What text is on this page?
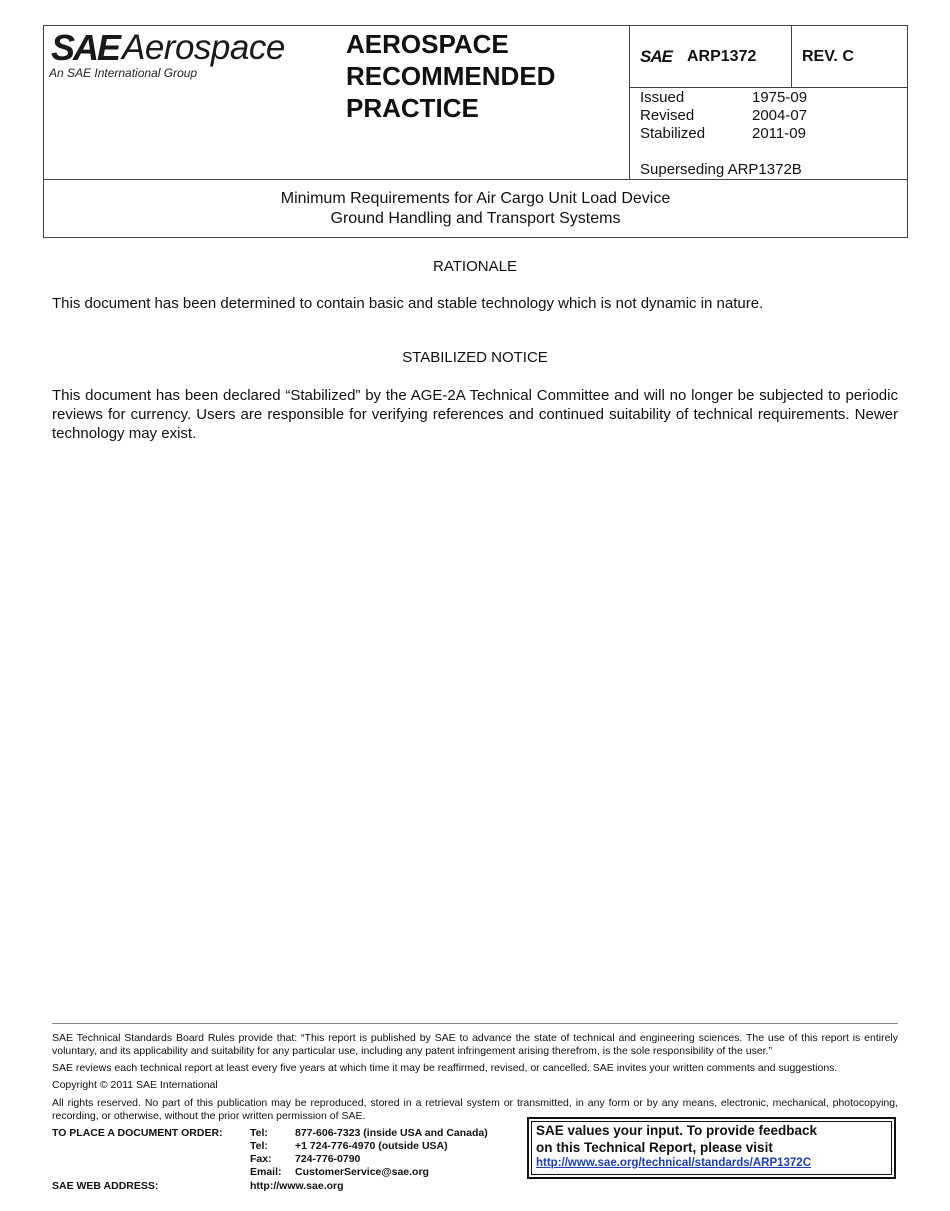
SAE Aerospace
An SAE International Group
AEROSPACE
RECOMMENDED
PRACTICE
SAE ARP1372	REV. C
Issued	1975-09
Revised	2004-07
Stabilized	2011-09
Superseding ARP1372B
Minimum Requirements for Air Cargo Unit Load Device
Ground Handling and Transport Systems
RATIONALE
This document has been determined to contain basic and stable technology which is not dynamic in nature.
STABILIZED NOTICE
This document has been declared “Stabilized” by the AGE-2A Technical Committee and will no longer be subjected to periodic reviews for currency. Users are responsible for verifying references and continued suitability of technical requirements. Newer technology may exist.
SAE Technical Standards Board Rules provide that: “This report is published by SAE to advance the state of technical and engineering sciences. The use of this report is entirely voluntary, and its applicability and suitability for any particular use, including any patent infringement arising therefrom, is the sole responsibility of the user.”
SAE reviews each technical report at least every five years at which time it may be reaffirmed, revised, or cancelled. SAE invites your written comments and suggestions.
Copyright © 2011 SAE International
All rights reserved. No part of this publication may be reproduced, stored in a retrieval system or transmitted, in any form or by any means, electronic, mechanical, photocopying, recording, or otherwise, without the prior written permission of SAE.
TO PLACE A DOCUMENT ORDER:	Tel:	877-606-7323 (inside USA and Canada)
Tel:	+1 724-776-4970 (outside USA)
Fax:	724-776-0790
Email:	CustomerService@sae.org
SAE WEB ADDRESS:	http://www.sae.org
SAE values your input. To provide feedback
on this Technical Report, please visit
http://www.sae.org/technical/standards/ARP1372C
